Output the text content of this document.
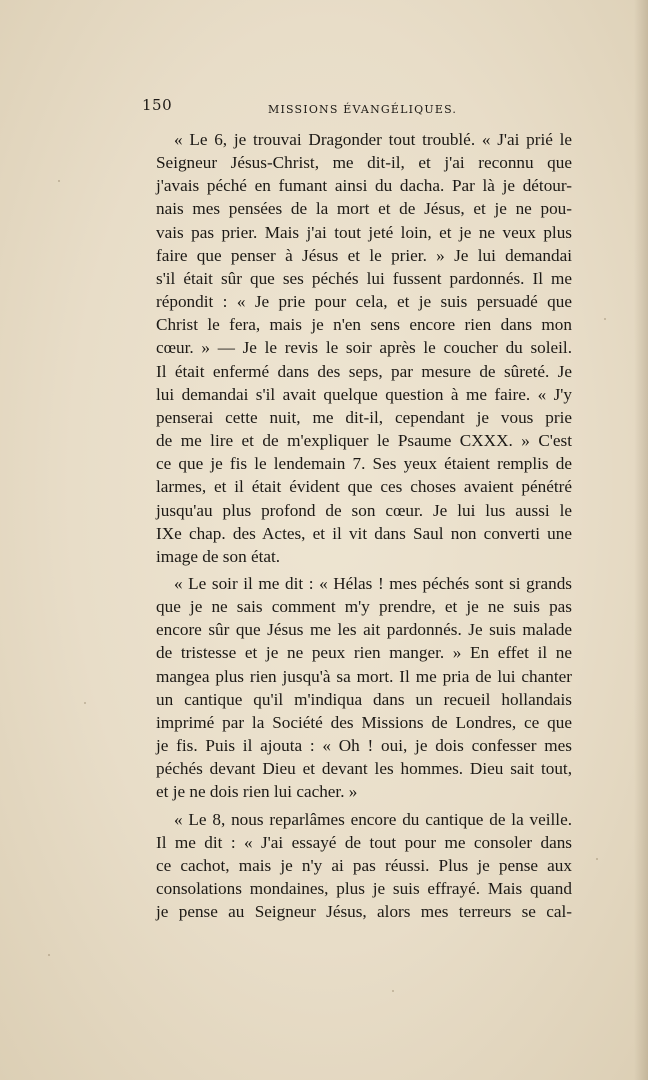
150	MISSIONS ÉVANGÉLIQUES.

« Le 6, je trouvai Dragonder tout troublé. « J'ai prié le
Seigneur Jésus-Christ, me dit-il, et j'ai reconnu que
j'avais péché en fumant ainsi du dacha. Par là je détour-
nais mes pensées de la mort et de Jésus, et je ne pou-
vais pas prier. Mais j'ai tout jeté loin, et je ne veux plus
faire que penser à Jésus et le prier. » Je lui demandai
s'il était sûr que ses péchés lui fussent pardonnés. Il me
répondit : « Je prie pour cela, et je suis persuadé que
Christ le fera, mais je n'en sens encore rien dans mon
cœur. » — Je le revis le soir après le coucher du soleil.
Il était enfermé dans des seps, par mesure de sûreté. Je
lui demandai s'il avait quelque question à me faire. « J'y
penserai cette nuit, me dit-il, cependant je vous prie
de me lire et de m'expliquer le Psaume CXXX. » C'est
ce que je fis le lendemain 7. Ses yeux étaient remplis de
larmes, et il était évident que ces choses avaient pénétré
jusqu'au plus profond de son cœur. Je lui lus aussi le
IXe chap. des Actes, et il vit dans Saul non converti une
image de son état.

« Le soir il me dit : « Hélas ! mes péchés sont si grands
que je ne sais comment m'y prendre, et je ne suis pas
encore sûr que Jésus me les ait pardonnés. Je suis malade
de tristesse et je ne peux rien manger. » En effet il ne
mangea plus rien jusqu'à sa mort. Il me pria de lui chanter
un cantique qu'il m'indiqua dans un recueil hollandais
imprimé par la Société des Missions de Londres, ce que
je fis. Puis il ajouta : « Oh ! oui, je dois confesser mes
péchés devant Dieu et devant les hommes. Dieu sait tout,
et je ne dois rien lui cacher. »

« Le 8, nous reparlâmes encore du cantique de la veille.
Il me dit : « J'ai essayé de tout pour me consoler dans
ce cachot, mais je n'y ai pas réussi. Plus je pense aux
consolations mondaines, plus je suis effrayé. Mais quand
je pense au Seigneur Jésus, alors mes terreurs se cal-
